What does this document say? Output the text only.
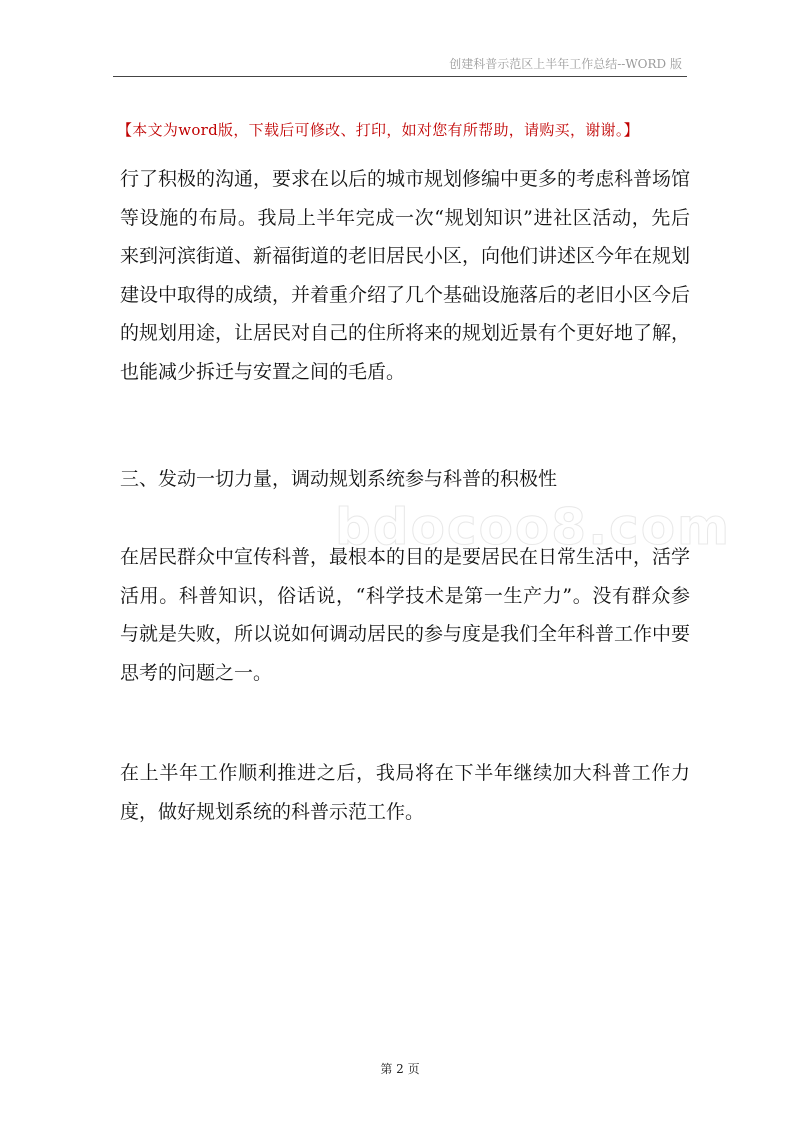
创建科普示范区上半年工作总结--WORD 版
【本文为word版，下载后可修改、打印，如对您有所帮助，请购买，谢谢。】

行了积极的沟通，要求在以后的城市规划修编中更多的考虑科普场馆等设施的布局。我局上半年完成一次“规划知识”进社区活动，先后来到河滨街道、新福街道的老旧居民小区，向他们讲述区今年在规划建设中取得的成绩，并着重介绍了几个基础设施落后的老旧小区今后的规划用途，让居民对自己的住所将来的规划近景有个更好地了解，也能减少拆迁与安置之间的毛盾。

三、发动一切力量，调动规划系统参与科普的积极性

bdocoo8.com

在居民群众中宣传科普，最根本的目的是要居民在日常生活中，活学活用。科普知识，俗话说，“科学技术是第一生产力”。没有群众参与就是失败，所以说如何调动居民的参与度是我们全年科普工作中要思考的问题之一。

在上半年工作顺利推进之后，我局将在下半年继续加大科普工作力度，做好规划系统的科普示范工作。

第 2 页
